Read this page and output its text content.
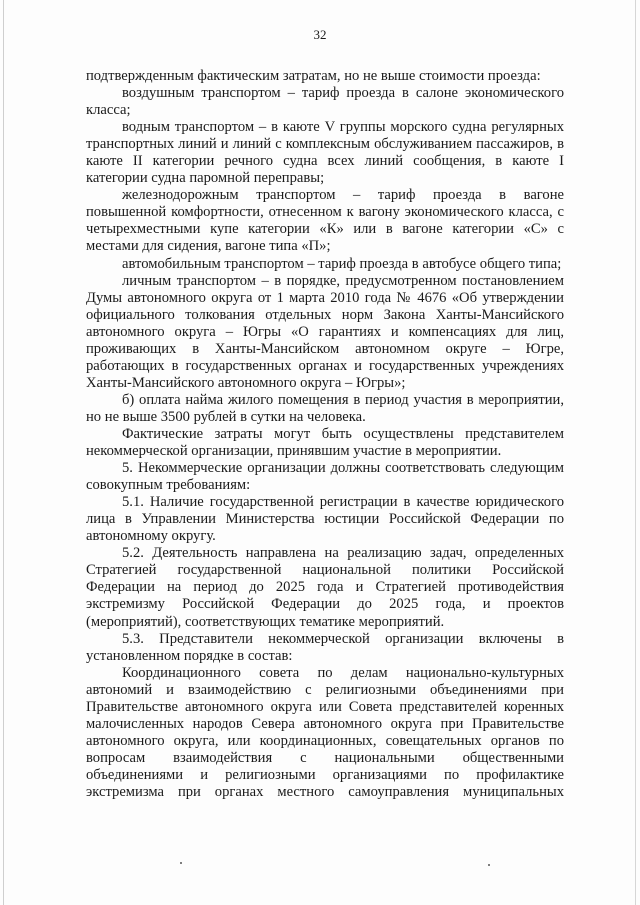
32

подтвержденным фактическим затратам, но не выше стоимости проезда:

воздушным транспортом – тариф проезда в салоне экономического класса;

водным транспортом – в каюте V группы морского судна регулярных транспортных линий и линий с комплексным обслуживанием пассажиров, в каюте II категории речного судна всех линий сообщения, в каюте I категории судна паромной переправы;

железнодорожным транспортом – тариф проезда в вагоне повышенной комфортности, отнесенном к вагону экономического класса, с четырехместными купе категории «К» или в вагоне категории «С» с местами для сидения, вагоне типа «П»;

автомобильным транспортом – тариф проезда в автобусе общего типа;

личным транспортом – в порядке, предусмотренном постановлением Думы автономного округа от 1 марта 2010 года № 4676 «Об утверждении официального толкования отдельных норм Закона Ханты-Мансийского автономного округа – Югры «О гарантиях и компенсациях для лиц, проживающих в Ханты-Мансийском автономном округе – Югре, работающих в государственных органах и государственных учреждениях Ханты-Мансийского автономного округа – Югры»;

б) оплата найма жилого помещения в период участия в мероприятии, но не выше 3500 рублей в сутки на человека.

Фактические затраты могут быть осуществлены представителем некоммерческой организации, принявшим участие в мероприятии.

5. Некоммерческие организации должны соответствовать следующим совокупным требованиям:

5.1. Наличие государственной регистрации в качестве юридического лица в Управлении Министерства юстиции Российской Федерации по автономному округу.

5.2. Деятельность направлена на реализацию задач, определенных Стратегией государственной национальной политики Российской Федерации на период до 2025 года и Стратегией противодействия экстремизму Российской Федерации до 2025 года, и проектов (мероприятий), соответствующих тематике мероприятий.

5.3. Представители некоммерческой организации включены в установленном порядке в состав:

Координационного совета по делам национально-культурных автономий и взаимодействию с религиозными объединениями при Правительстве автономного округа или Совета представителей коренных малочисленных народов Севера автономного округа при Правительстве автономного округа, или координационных, совещательных органов по вопросам взаимодействия с национальными общественными объединениями и религиозными организациями по профилактике экстремизма при органах местного самоуправления муниципальных
